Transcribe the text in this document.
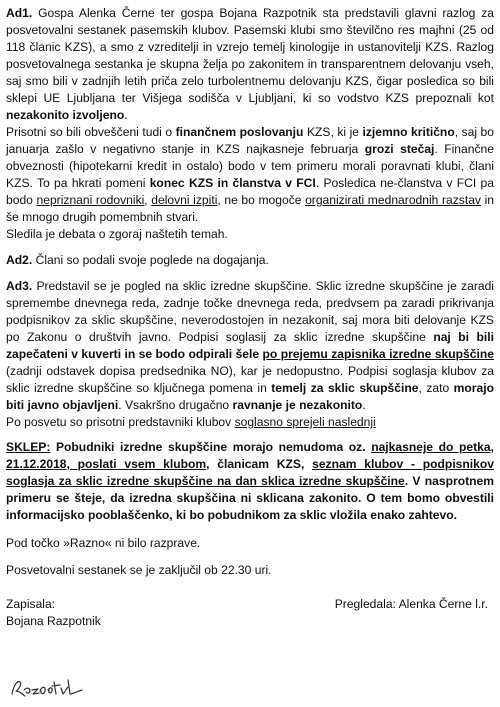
Ad1. Gospa Alenka Černe ter gospa Bojana Razpotnik sta predstavili glavni razlog za posvetovalni sestanek pasemskih klubov. Pasemski klubi smo številčno res majhni (25 od 118 članic KZS), a smo z vzreditelji in vzrejo temelj kinologije in ustanovitelji KZS. Razlog posvetovalnega sestanka je skupna želja po zakonitem in transparentnem delovanju vseh, saj smo bili v zadnjih letih priča zelo turbolentnemu delovanju KZS, čigar posledica so bili sklepi UE Ljubljana ter Višjega sodišča v Ljubljani, ki so vodstvo KZS prepoznali kot nezakonito izvoljeno.

Prisotni so bili obveščeni tudi o finančnem poslovanju KZS, ki je izjemno kritično, saj bo januarja zašlo v negativno stanje in KZS najkasneje februarja grozi stečaj. Finančne obveznosti (hipotekarni kredit in ostalo) bodo v tem primeru morali poravnati klubi, člani KZS. To pa hkrati pomeni konec KZS in članstva v FCI. Posledica ne-članstva v FCI pa bodo nepriznani rodovniki, delovni izpiti, ne bo mogoče organizirati mednarodnih razstav in še mnogo drugih pomembnih stvari.

Sledila je debata o zgoraj naštetih temah.

Ad2. Člani so podali svoje poglede na dogajanja.

Ad3. Predstavil se je pogled na sklic izredne skupščine. Sklic izredne skupščine je zaradi spremembe dnevnega reda, zadnje točke dnevnega reda, predvsem pa zaradi prikrivanja podpisnikov za sklic skupščine, neverodostojen in nezakonit, saj mora biti delovanje KZS po Zakonu o društvih javno. Podpisi soglasij za sklic izredne skupščine naj bi bili zapečateni v kuverti in se bodo odpirali šele po prejemu zapisnika izredne skupščine (zadnji odstavek dopisa predsednika NO), kar je nedopustno. Podpisi soglasja klubov za sklic izredne skupščine so ključnega pomena in temelj za sklic skupščine, zato morajo biti javno objavljeni. Vsakršno drugačno ravnanje je nezakonito.

Po posvetu so prisotni predstavniki klubov soglasno sprejeli naslednji

SKLEP: Pobudniki izredne skupščine morajo nemudoma oz. najkasneje do petka, 21.12.2018, poslati vsem klubom, članicam KZS, seznam klubov - podpisnikov soglasja za sklic izredne skupščine na dan sklica izredne skupščine. V nasprotnem primeru se šteje, da izredna skupščina ni sklicana zakonito. O tem bomo obvestili informacijsko pooblaščenko, ki bo pobudnikom za sklic vložila enako zahtevo.

Pod točko »Razno« ni bilo razprave.

Posvetovalni sestanek se je zaključil ob 22.30 uri.

Zapisala:
Bojana Razpotnik
Pregledala: Alenka Černe l.r.
